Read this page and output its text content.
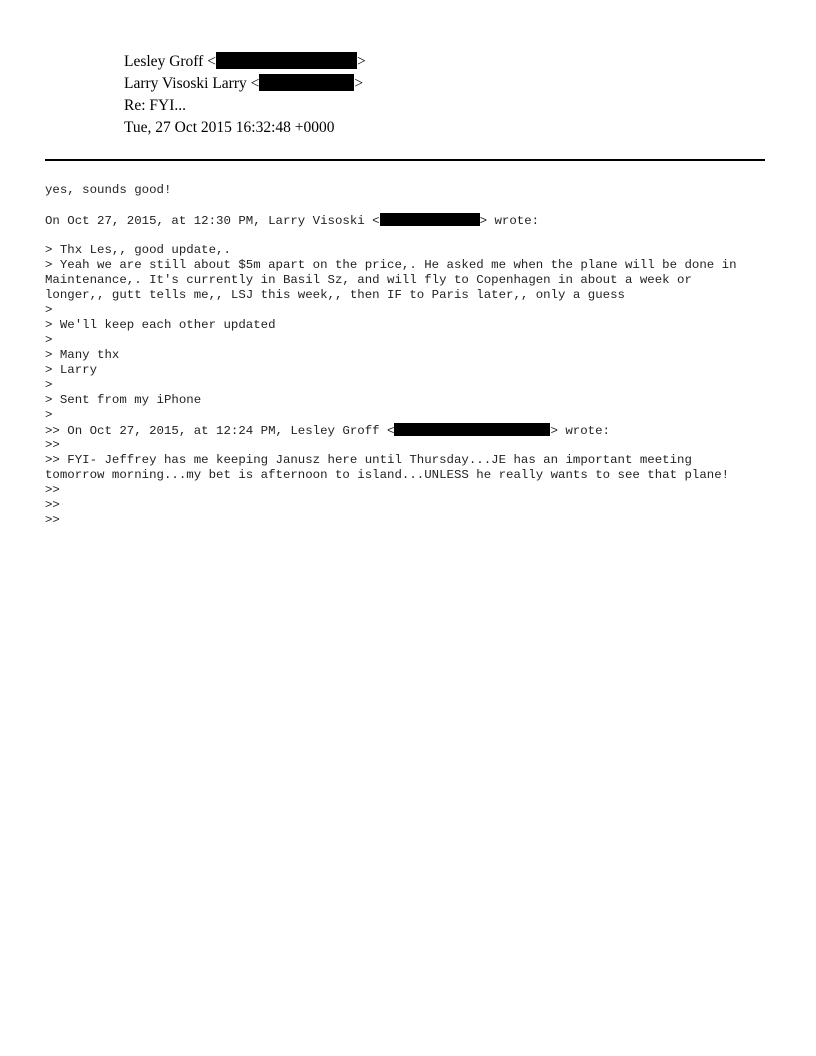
Lesley Groff <	>
Larry Visoski Larry <	>
Re: FYI...
Tue, 27 Oct 2015 16:32:48 +0000
yes, sounds good!
On Oct 27, 2015, at 12:30 PM, Larry Visoski <	> wrote:
> Thx Les,, good update,.
> Yeah we are still about $5m apart on the price,. He asked me when the plane will be done in
Maintenance,. It's currently in Basil Sz, and will fly to Copenhagen in about a week or
longer,, gutt tells me,, LSJ this week,, then IF to Paris later,, only a guess
>
> We'll keep each other updated
>
> Many thx
> Larry
>
> Sent from my iPhone
>
>> On Oct 27, 2015, at 12:24 PM, Lesley Groff <	> wrote:
>>
>> FYI- Jeffrey has me keeping Janusz here until Thursday...JE has an important meeting
tomorrow morning...my bet is afternoon to island...UNLESS he really wants to see that plane!
>>
>>
>>
